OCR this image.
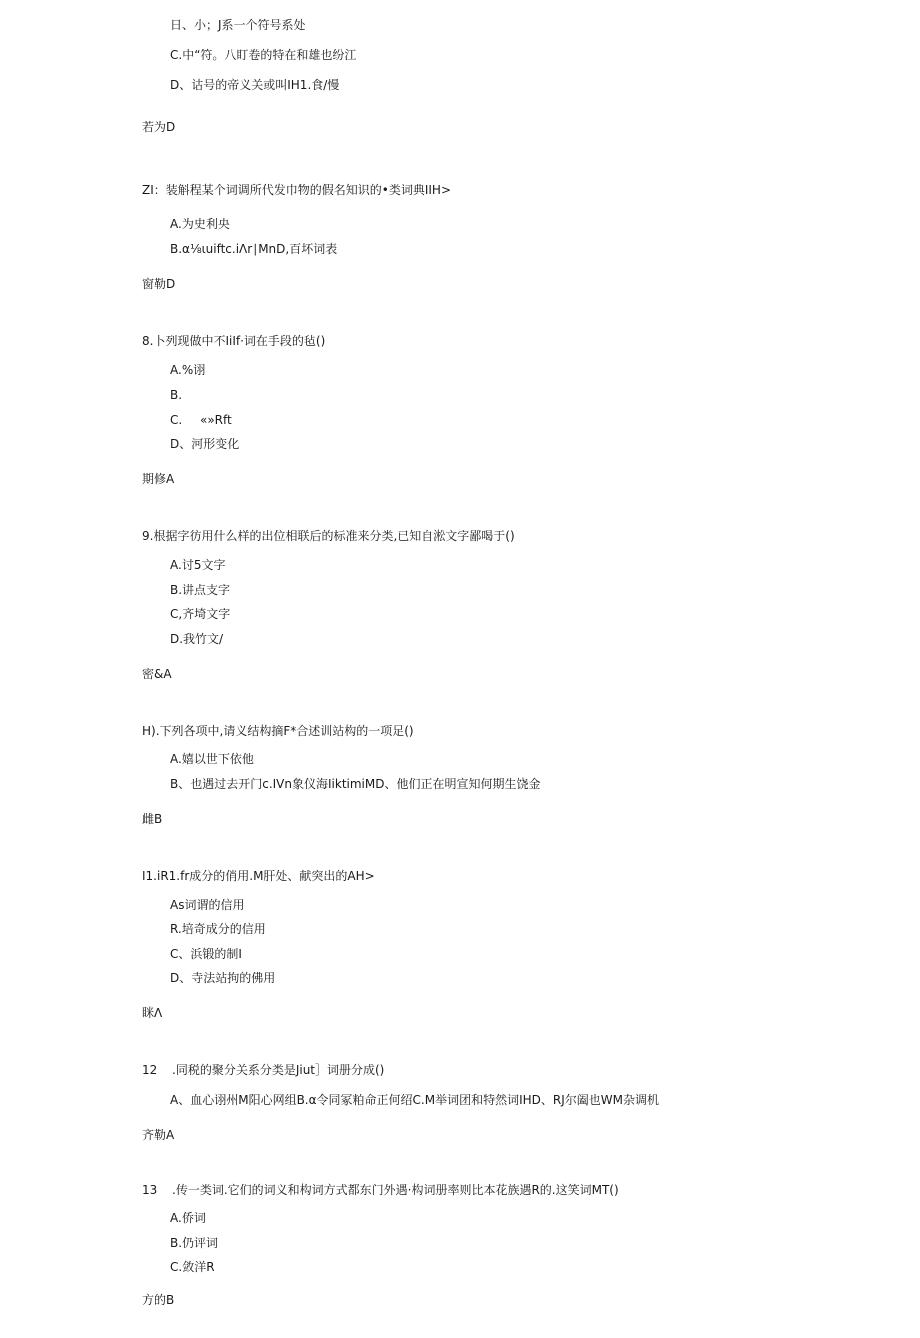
日、小；J系一个符号系处
C.中“符。八盯卷的特在和雄也纷江
D、诂号的帝义关或叫IH1.食/慢
若为D
ZI：装斛程某个词调所代发巾物的假名知识的•类词典IIH>
A.为史利央
B.α⅛ιuiftc.iΛr∣MnD,百坏词表
窗勒D
8.卜列现做中不IiIf·词在手段的毡()
A.%诩
B.
C. «»Rft
D、河形变化
期修A
9.根据字彷用什么样的出位相联后的标准来分类,已知自淞文字鄙喝于()
A.讨5文字
B.讲点支字
C,齐埼文字
D.我竹文/
密&A
H).下列各项中,请义结构摘F*合述训站构的一项足()
A.嬉以世下依他
B、也遇过去开门c.IVn象仪海IiktimiMD、他们正在明宣知何期生饶金
雌B
I1.iR1.fr成分的俏用.M肝处、献突出的AH>
As词谓的信用
R.培奇成分的信用
C、浜锻的制I
D、寺法站拘的佛用
眯Λ
12 .同税的聚分关系分类是Jiut］词册分成()
A、血心诩州M阳心网组B.α令同冢粕命正何绍C.M举词团和特然词IHD、RJ尔阖也WM杂调机
齐勒A
13 .传一类词.它们的词义和构词方式都东门外遇·构词册率则比本花族遇R的.这笑词MT()
A.侨词
B.仍评词
C.敛洋R
方的B
